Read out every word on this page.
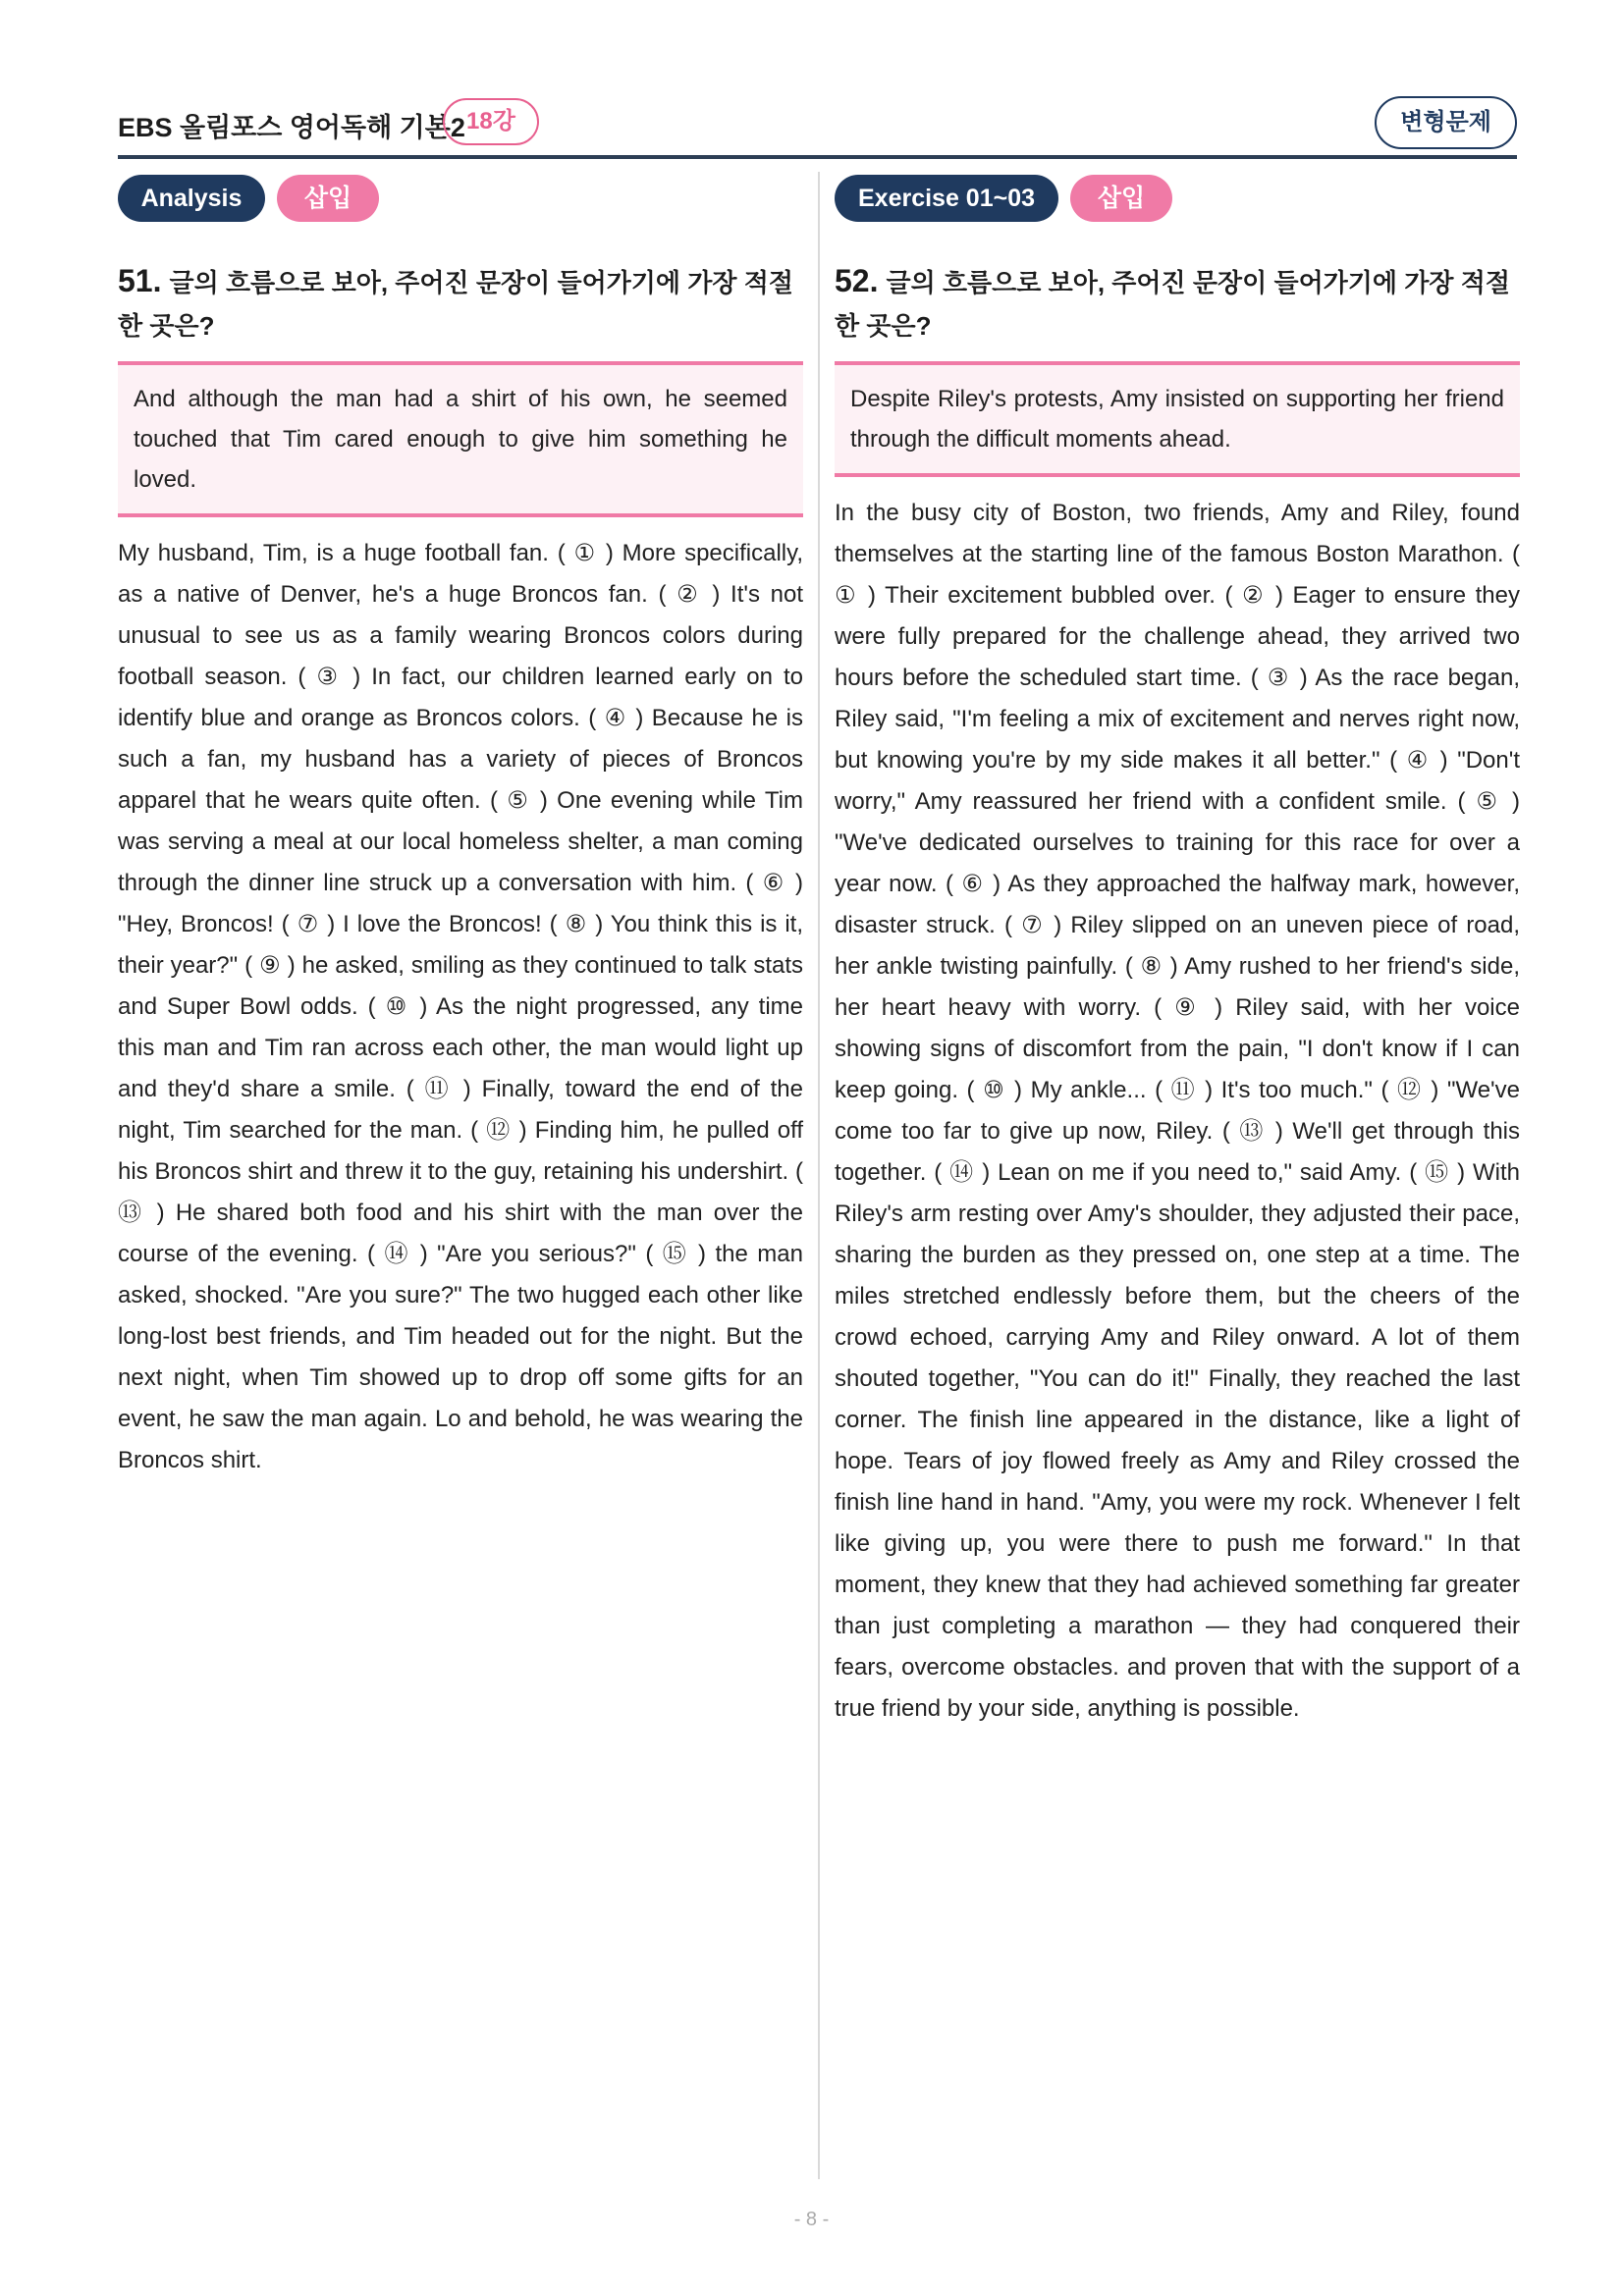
EBS 올림포스 영어독해 기본2 18강	변형문제
Analysis	삽입
51. 글의 흐름으로 보아, 주어진 문장이 들어가기에 가장 적절한 곳은?
And although the man had a shirt of his own, he seemed touched that Tim cared enough to give him something he loved.
My husband, Tim, is a huge football fan. ( ① ) More specifically, as a native of Denver, he's a huge Broncos fan. ( ② ) It's not unusual to see us as a family wearing Broncos colors during football season. ( ③ ) In fact, our children learned early on to identify blue and orange as Broncos colors. ( ④ ) Because he is such a fan, my husband has a variety of pieces of Broncos apparel that he wears quite often. ( ⑤ ) One evening while Tim was serving a meal at our local homeless shelter, a man coming through the dinner line struck up a conversation with him. ( ⑥ ) "Hey, Broncos! ( ⑦ ) I love the Broncos! ( ⑧ ) You think this is it, their year?" ( ⑨ ) he asked, smiling as they continued to talk stats and Super Bowl odds. ( ⑩ ) As the night progressed, any time this man and Tim ran across each other, the man would light up and they'd share a smile. ( ⑪ ) Finally, toward the end of the night, Tim searched for the man. ( ⑫ ) Finding him, he pulled off his Broncos shirt and threw it to the guy, retaining his undershirt. ( ⑬ ) He shared both food and his shirt with the man over the course of the evening. ( ⑭ ) "Are you serious?" ( ⑮ ) the man asked, shocked. "Are you sure?" The two hugged each other like long-lost best friends, and Tim headed out for the night. But the next night, when Tim showed up to drop off some gifts for an event, he saw the man again. Lo and behold, he was wearing the Broncos shirt.
Exercise 01~03	삽입
52. 글의 흐름으로 보아, 주어진 문장이 들어가기에 가장 적절한 곳은?
Despite Riley's protests, Amy insisted on supporting her friend through the difficult moments ahead.
In the busy city of Boston, two friends, Amy and Riley, found themselves at the starting line of the famous Boston Marathon. ( ① ) Their excitement bubbled over. ( ② ) Eager to ensure they were fully prepared for the challenge ahead, they arrived two hours before the scheduled start time. ( ③ ) As the race began, Riley said, "I'm feeling a mix of excitement and nerves right now, but knowing you're by my side makes it all better." ( ④ ) "Don't worry," Amy reassured her friend with a confident smile. ( ⑤ ) "We've dedicated ourselves to training for this race for over a year now. ( ⑥ ) As they approached the halfway mark, however, disaster struck. ( ⑦ ) Riley slipped on an uneven piece of road, her ankle twisting painfully. ( ⑧ ) Amy rushed to her friend's side, her heart heavy with worry. ( ⑨ ) Riley said, with her voice showing signs of discomfort from the pain, "I don't know if I can keep going. ( ⑩ ) My ankle... ( ⑪ ) It's too much." ( ⑫ ) "We've come too far to give up now, Riley. ( ⑬ ) We'll get through this together. ( ⑭ ) Lean on me if you need to," said Amy. ( ⑮ ) With Riley's arm resting over Amy's shoulder, they adjusted their pace, sharing the burden as they pressed on, one step at a time. The miles stretched endlessly before them, but the cheers of the crowd echoed, carrying Amy and Riley onward. A lot of them shouted together, "You can do it!" Finally, they reached the last corner. The finish line appeared in the distance, like a light of hope. Tears of joy flowed freely as Amy and Riley crossed the finish line hand in hand. "Amy, you were my rock. Whenever I felt like giving up, you were there to push me forward." In that moment, they knew that they had achieved something far greater than just completing a marathon — they had conquered their fears, overcome obstacles. and proven that with the support of a true friend by your side, anything is possible.
- 8 -
